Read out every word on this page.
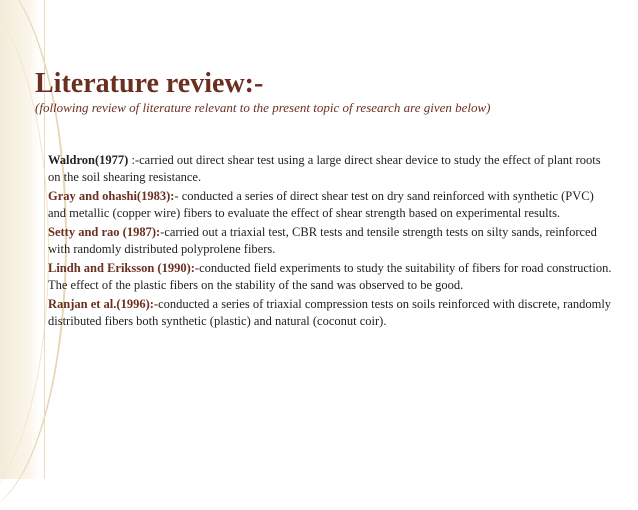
Literature review:-
(following review of literature relevant to the present topic of research are given below)

Waldron(1977) :-carried out direct shear test using a large direct shear device to study the effect of plant roots on the soil shearing resistance.

Gray and ohashi(1983):- conducted a series of direct shear test on dry sand reinforced with synthetic (PVC) and metallic (copper wire) fibers to evaluate the effect of shear strength based on experimental results.

Setty and rao (1987):-carried out a triaxial test, CBR tests and tensile strength tests on silty sands, reinforced with randomly distributed polyprolene fibers.

Lindh and Eriksson (1990):-conducted field experiments to study the suitability of fibers for road construction. The effect of the plastic fibers on the stability of the sand was observed to be good.

Ranjan et al.(1996):-conducted a series of triaxial compression tests on soils reinforced with discrete, randomly distributed fibers both synthetic (plastic) and natural (coconut coir).
